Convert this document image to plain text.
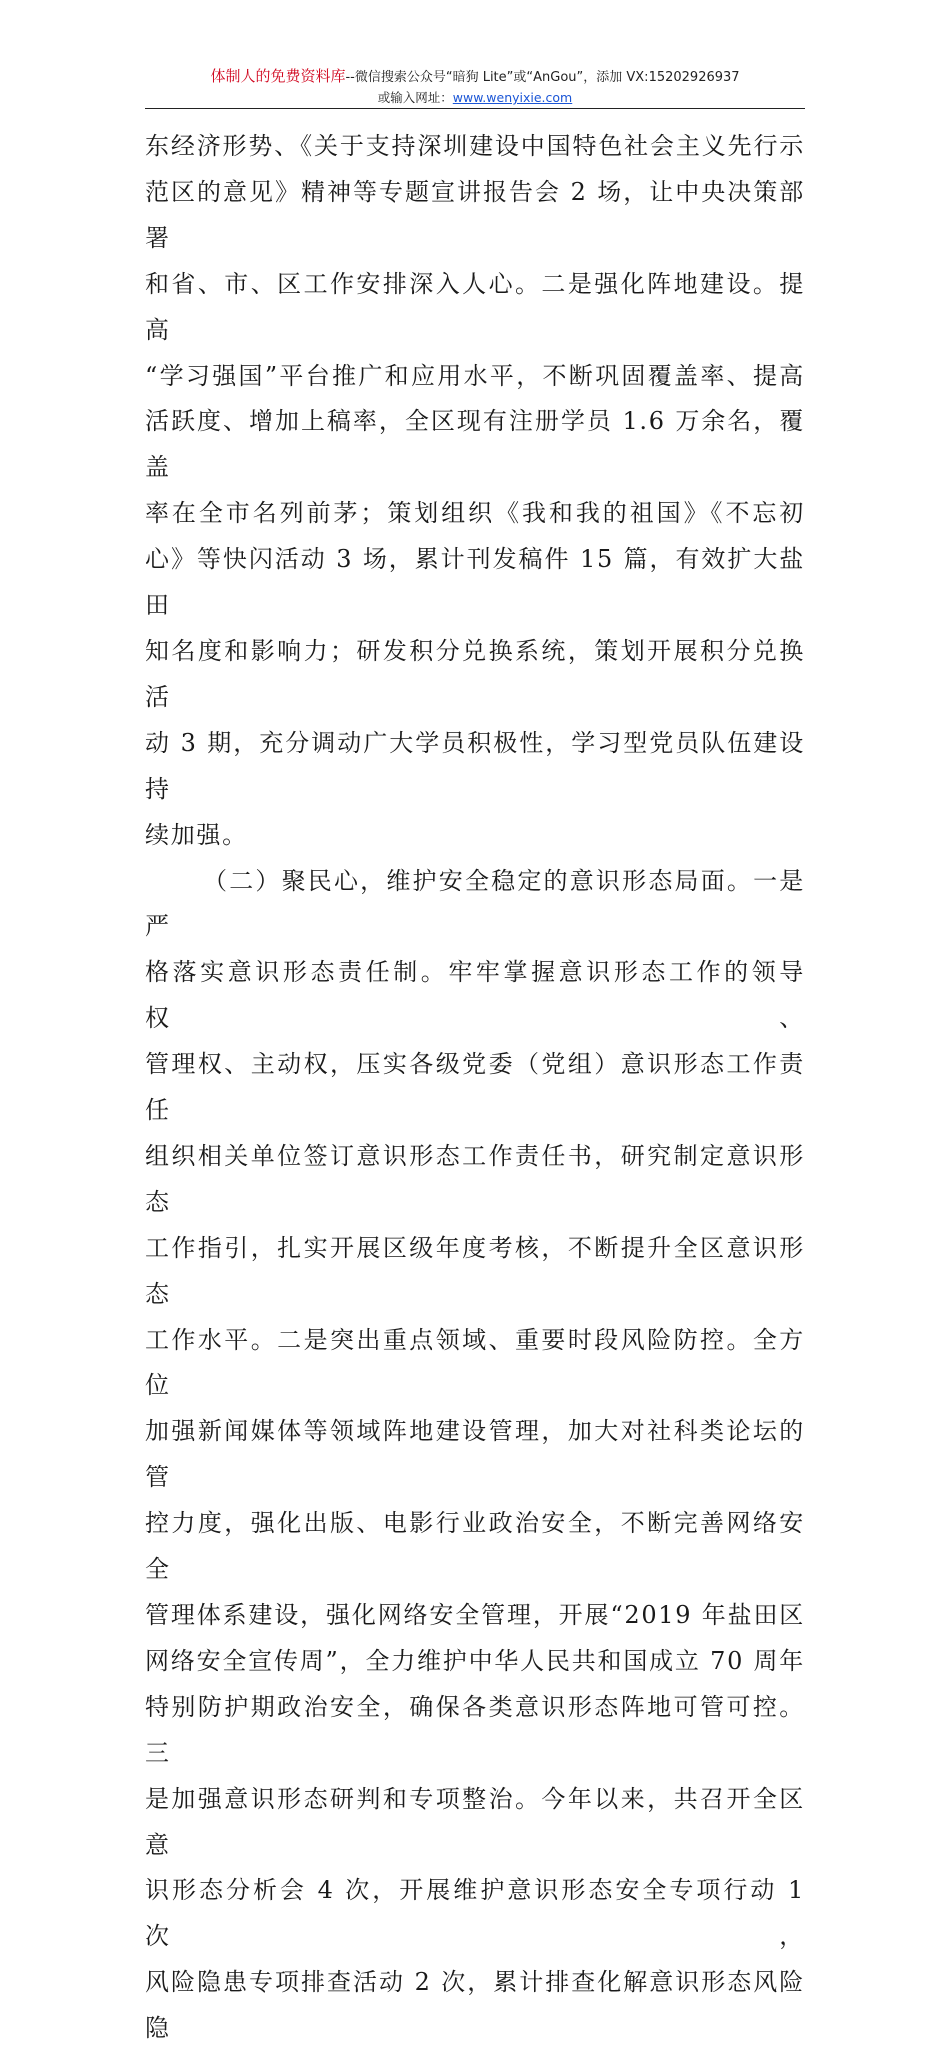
体制人的免费资料库--微信搜索公众号“暗狗 Lite”或“AnGou”，添加 VX:15202926937
或输入网址：www.wenyixie.com

东经济形势、《关于支持深圳建设中国特色社会主义先行示

范区的意见》精神等专题宣讲报告会 2 场，让中央决策部署

和省、市、区工作安排深入人心。二是强化阵地建设。提高

“学习强国”平台推广和应用水平，不断巩固覆盖率、提高

活跃度、增加上稿率，全区现有注册学员 1.6 万余名，覆盖

率在全市名列前茅；策划组织《我和我的祖国》《不忘初

心》等快闪活动 3 场，累计刊发稿件 15 篇，有效扩大盐田

知名度和影响力；研发积分兑换系统，策划开展积分兑换活

动 3 期，充分调动广大学员积极性，学习型党员队伍建设持

续加强。

（二）聚民心，维护安全稳定的意识形态局面。一是严

格落实意识形态责任制。牢牢掌握意识形态工作的领导权、

管理权、主动权，压实各级党委（党组）意识形态工作责任

组织相关单位签订意识形态工作责任书，研究制定意识形态

工作指引，扎实开展区级年度考核，不断提升全区意识形态

工作水平。二是突出重点领域、重要时段风险防控。全方位

加强新闻媒体等领域阵地建设管理，加大对社科类论坛的管

控力度，强化出版、电影行业政治安全，不断完善网络安全

管理体系建设，强化网络安全管理，开展“2019 年盐田区

网络安全宣传周”，全力维护中华人民共和国成立 70 周年

特别防护期政治安全，确保各类意识形态阵地可管可控。三

是加强意识形态研判和专项整治。今年以来，共召开全区意

识形态分析会 4 次，开展维护意识形态安全专项行动 1 次，

风险隐患专项排查活动 2 次，累计排查化解意识形态风险隐
